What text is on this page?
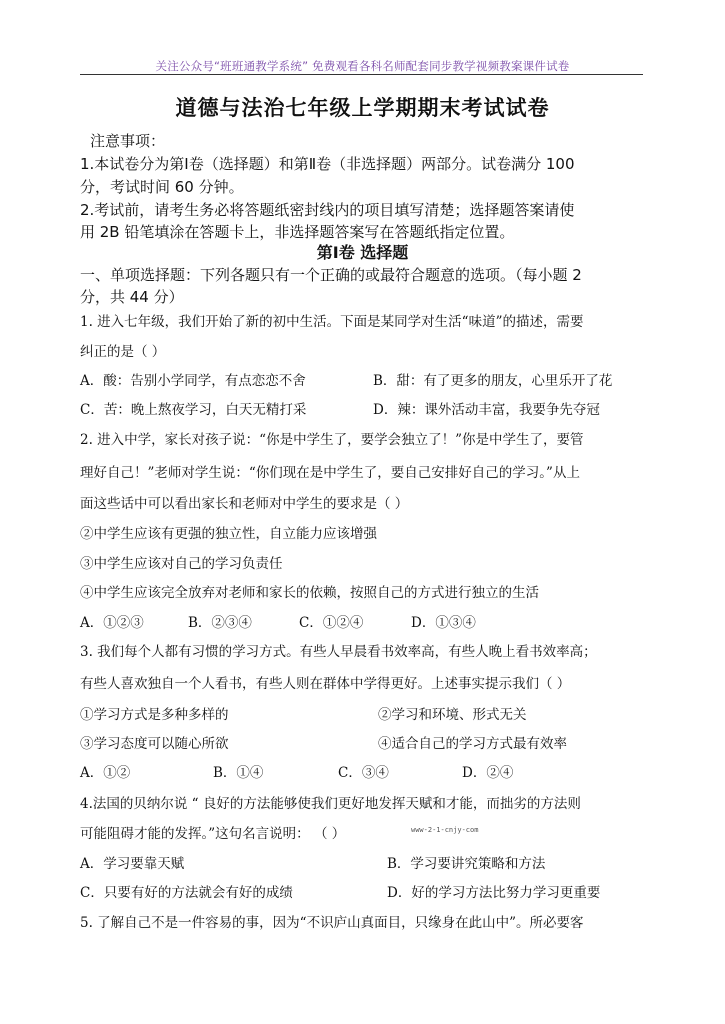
关注公众号“班班通教学系统” 免费观看各科名师配套同步教学视频教案课件试卷
道德与法治七年级上学期期末考试试卷
注意事项：
1.本试卷分为第Ⅰ卷（选择题）和第Ⅱ卷（非选择题）两部分。试卷满分 100
分，考试时间 60 分钟。
2.考试前，请考生务必将答题纸密封线内的项目填写清楚；选择题答案请使
用 2B 铅笔填涂在答题卡上，非选择题答案写在答题纸指定位置。
第Ⅰ卷 选择题
一、单项选择题：下列各题只有一个正确的或最符合题意的选项。（每小题 2
分，共 44 分）
1. 进入七年级，我们开始了新的初中生活。下面是某同学对生活“味道”的描述，需要
纠正的是（ ）
A．酸：告别小学同学，有点恋恋不舍	B．甜：有了更多的朋友，心里乐开了花
C．苦：晚上熬夜学习，白天无精打采	D．辣：课外活动丰富，我要争先夺冠
2. 进入中学，家长对孩子说：“你是中学生了，要学会独立了！”你是中学生了，要管
理好自己！”老师对学生说：“你们现在是中学生了，要自己安排好自己的学习。”从上
面这些话中可以看出家长和老师对中学生的要求是（ ）
②中学生应该有更强的独立性，自立能力应该增强
③中学生应该对自己的学习负责任
④中学生应该完全放弃对老师和家长的依赖，按照自己的方式进行独立的生活
A．①②③	B．②③④	C．①②④	D．①③④
3. 我们每个人都有习惯的学习方式。有些人早晨看书效率高，有些人晚上看书效率高；
有些人喜欢独自一个人看书，有些人则在群体中学得更好。上述事实提示我们（ ）
①学习方式是多种多样的	②学习和环境、形式无关
③学习态度可以随心所欲	④适合自己的学习方式最有效率
A．①②	B．①④	C．③④	D．②④
4.法国的贝纳尔说 “ 良好的方法能够使我们更好地发挥天赋和才能，而拙劣的方法则
可能阻碍才能的发挥。”这句名言说明： （ ）	www-2-1-cnjy-com
A．学习要靠天赋	B．学习要讲究策略和方法
C．只要有好的方法就会有好的成绩	D．好的学习方法比努力学习更重要
5. 了解自己不是一件容易的事，因为“不识庐山真面目，只缘身在此山中”。所必要客
